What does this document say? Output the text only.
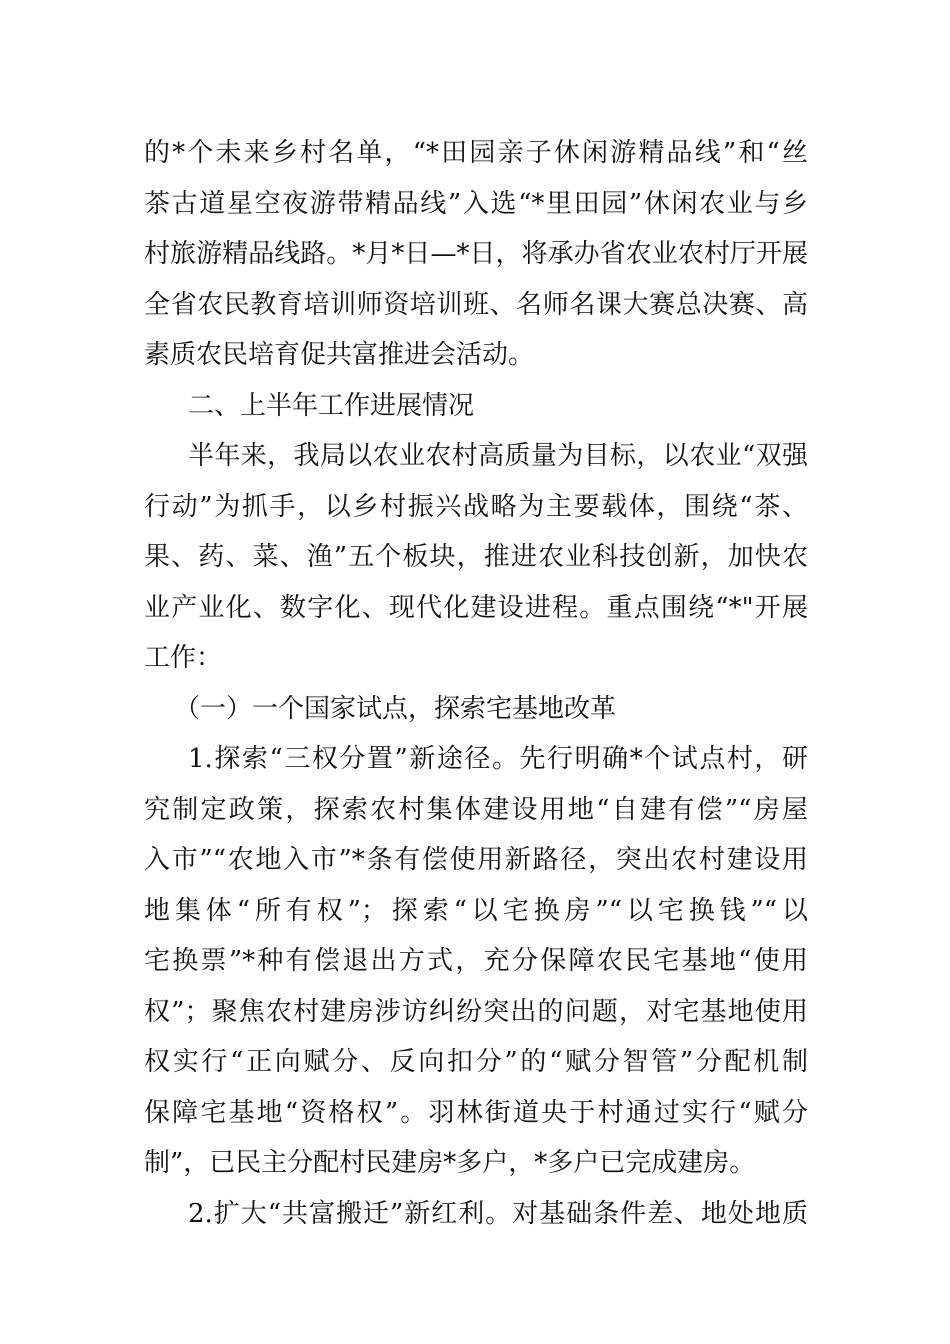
的*个未来乡村名单，“*田园亲子休闲游精品线”和“丝
茶古道星空夜游带精品线”入选“*里田园”休闲农业与乡
村旅游精品线路。*月*日—*日，将承办省农业农村厅开展
全省农民教育培训师资培训班、名师名课大赛总决赛、高
素质农民培育促共富推进会活动。
二、上半年工作进展情况
半年来，我局以农业农村高质量为目标，以农业“双强
行动”为抓手，以乡村振兴战略为主要载体，围绕“茶、
果、药、菜、渔”五个板块，推进农业科技创新，加快农
业产业化、数字化、现代化建设进程。重点围绕“*"开展
工作：
（一）一个国家试点，探索宅基地改革
1.探索“三权分置”新途径。先行明确*个试点村，研
究制定政策，探索农村集体建设用地“自建有偿”“房屋
入市”“农地入市”*条有偿使用新路径，突出农村建设用
地集体“所有权”；探索“以宅换房”“以宅换钱”“以
宅换票”*种有偿退出方式，充分保障农民宅基地“使用
权”；聚焦农村建房涉访纠纷突出的问题，对宅基地使用
权实行“正向赋分、反向扣分”的“赋分智管”分配机制
保障宅基地“资格权”。羽林街道央于村通过实行“赋分
制”，已民主分配村民建房*多户，*多户已完成建房。
2.扩大“共富搬迁”新红利。对基础条件差、地处地质
